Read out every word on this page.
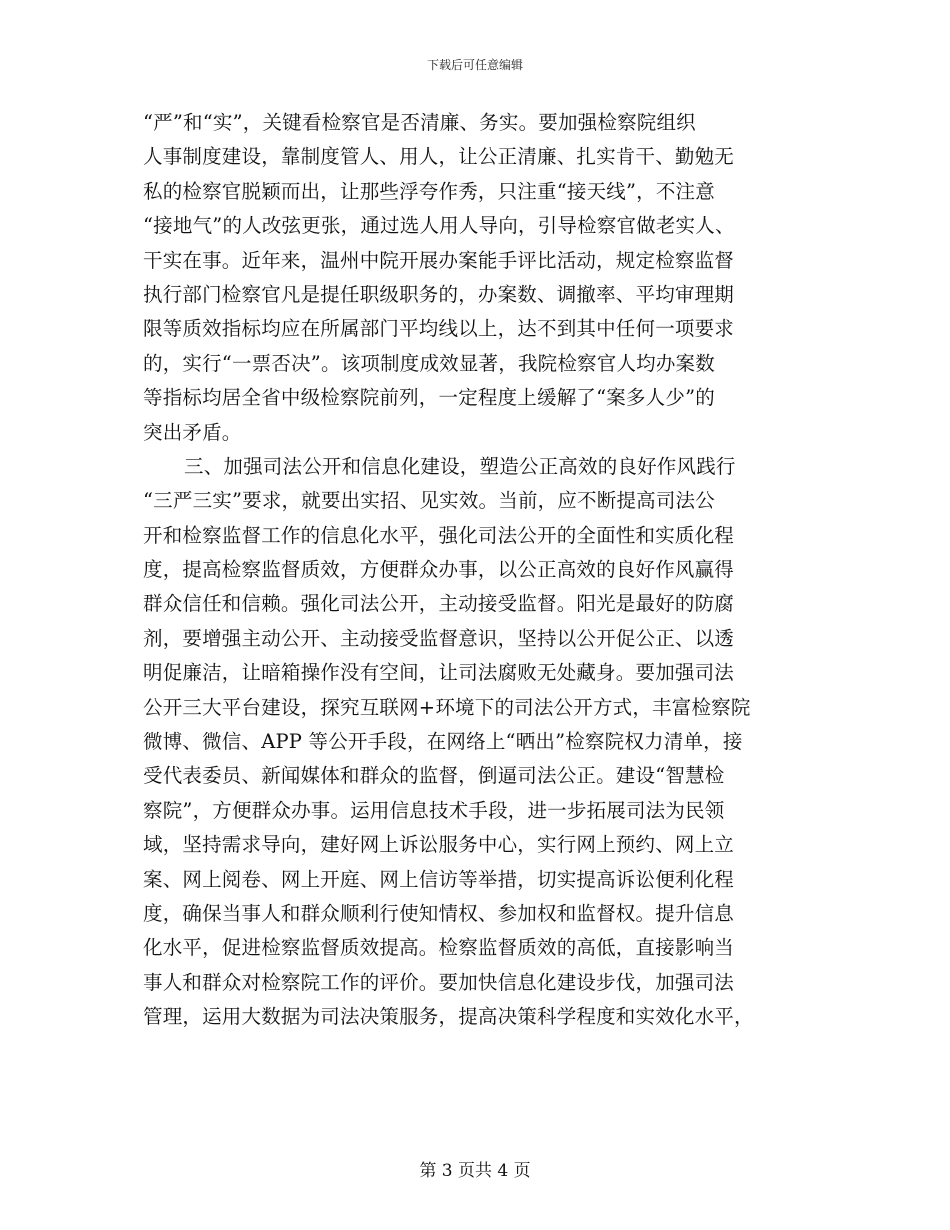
下载后可任意编辑
“严”和“实”，关键看检察官是否清廉、务实。要加强检察院组织
人事制度建设，靠制度管人、用人，让公正清廉、扎实肯干、勤勉无
私的检察官脱颖而出，让那些浮夸作秀，只注重“接天线”，不注意
“接地气”的人改弦更张，通过选人用人导向，引导检察官做老实人、
干实在事。近年来，温州中院开展办案能手评比活动，规定检察监督
执行部门检察官凡是提任职级职务的，办案数、调撤率、平均审理期
限等质效指标均应在所属部门平均线以上，达不到其中任何一项要求
的，实行“一票否决”。该项制度成效显著，我院检察官人均办案数
等指标均居全省中级检察院前列，一定程度上缓解了“案多人少”的
突出矛盾。
三、加强司法公开和信息化建设，塑造公正高效的良好作风践行
“三严三实”要求，就要出实招、见实效。当前，应不断提高司法公
开和检察监督工作的信息化水平，强化司法公开的全面性和实质化程
度，提高检察监督质效，方便群众办事，以公正高效的良好作风赢得
群众信任和信赖。强化司法公开，主动接受监督。阳光是最好的防腐
剂，要增强主动公开、主动接受监督意识，坚持以公开促公正、以透
明促廉洁，让暗箱操作没有空间，让司法腐败无处藏身。要加强司法
公开三大平台建设，探究互联网+环境下的司法公开方式，丰富检察院
微博、微信、APP 等公开手段，在网络上“晒出”检察院权力清单，接
受代表委员、新闻媒体和群众的监督，倒逼司法公正。建设“智慧检
察院”，方便群众办事。运用信息技术手段，进一步拓展司法为民领
域，坚持需求导向，建好网上诉讼服务中心，实行网上预约、网上立
案、网上阅卷、网上开庭、网上信访等举措，切实提高诉讼便利化程
度，确保当事人和群众顺利行使知情权、参加权和监督权。提升信息
化水平，促进检察监督质效提高。检察监督质效的高低，直接影响当
事人和群众对检察院工作的评价。要加快信息化建设步伐，加强司法
管理，运用大数据为司法决策服务，提高决策科学程度和实效化水平，
第 3 页共 4 页
